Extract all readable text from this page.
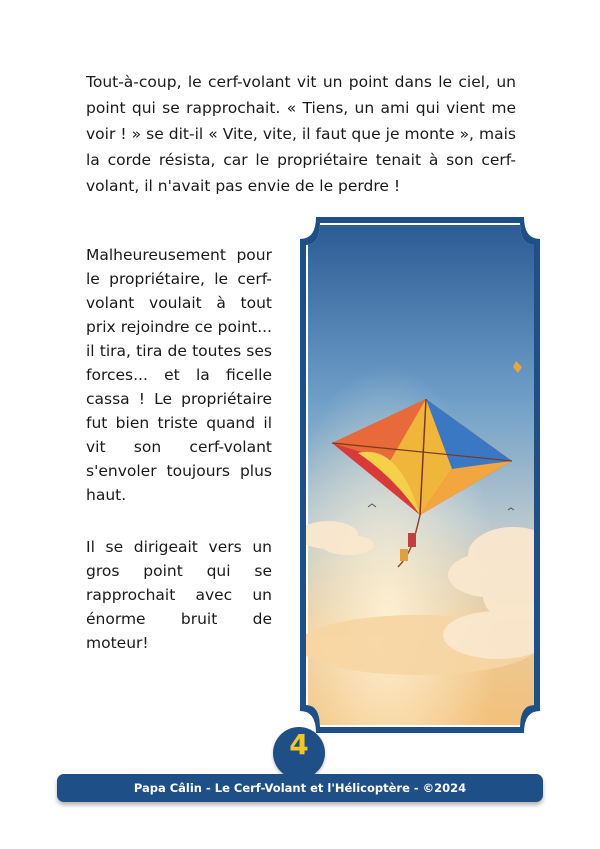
Tout-à-coup, le cerf-volant vit un point dans le ciel, un point qui se rapprochait. « Tiens, un ami qui vient me voir ! » se dit-il « Vite, vite, il faut que je monte », mais la corde résista, car le propriétaire tenait à son cerf-volant, il n'avait pas envie de le perdre !

Malheureusement pour le propriétaire, le cerf-volant voulait à tout prix rejoindre ce point... il tira, tira de toutes ses forces... et la ficelle cassa ! Le propriétaire fut bien triste quand il vit son cerf-volant s'envoler toujours plus haut.

Il se dirigeait vers un gros point qui se rapprochait avec un énorme bruit de moteur!

4
Papa Câlin - Le Cerf-Volant et l'Hélicoptère - ©2024
